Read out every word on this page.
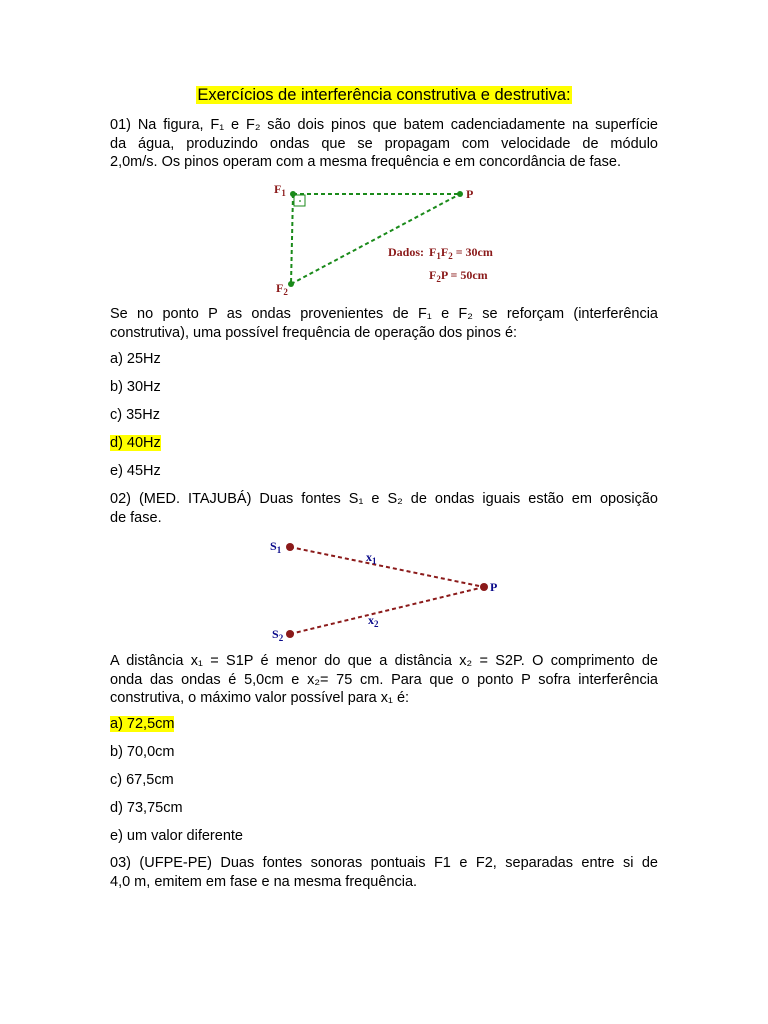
Exercícios de interferência construtiva e destrutiva:
01) Na figura, F₁ e F₂ são dois pinos que batem cadenciadamente na superfície
da água, produzindo ondas que se propagam com velocidade de módulo
2,0m/s. Os pinos operam com a mesma frequência e em concordância de fase.
$F_1$
$F_2$
P
Dados: $F_1F_2 = 30cm$
$F_2P = 50cm$
Se no ponto P as ondas provenientes de F₁ e F₂ se reforçam (interferência
construtiva), uma possível frequência de operação dos pinos é:
a) 25Hz
b) 30Hz
c) 35Hz
d) 40Hz
e) 45Hz
02) (MED. ITAJUBÁ) Duas fontes S₁ e S₂ de ondas iguais estão em oposição
de fase.
$S_1$
$S_2$
P
$x_1$
$x_2$
A distância x₁ = S1P é menor do que a distância x₂ = S2P. O comprimento de
onda das ondas é 5,0cm e x₂= 75 cm. Para que o ponto P sofra interferência
construtiva, o máximo valor possível para x₁ é:
a) 72,5cm
b) 70,0cm
c) 67,5cm
d) 73,75cm
e) um valor diferente
03) (UFPE-PE) Duas fontes sonoras pontuais F1 e F2, separadas entre si de
4,0 m, emitem em fase e na mesma frequência.
